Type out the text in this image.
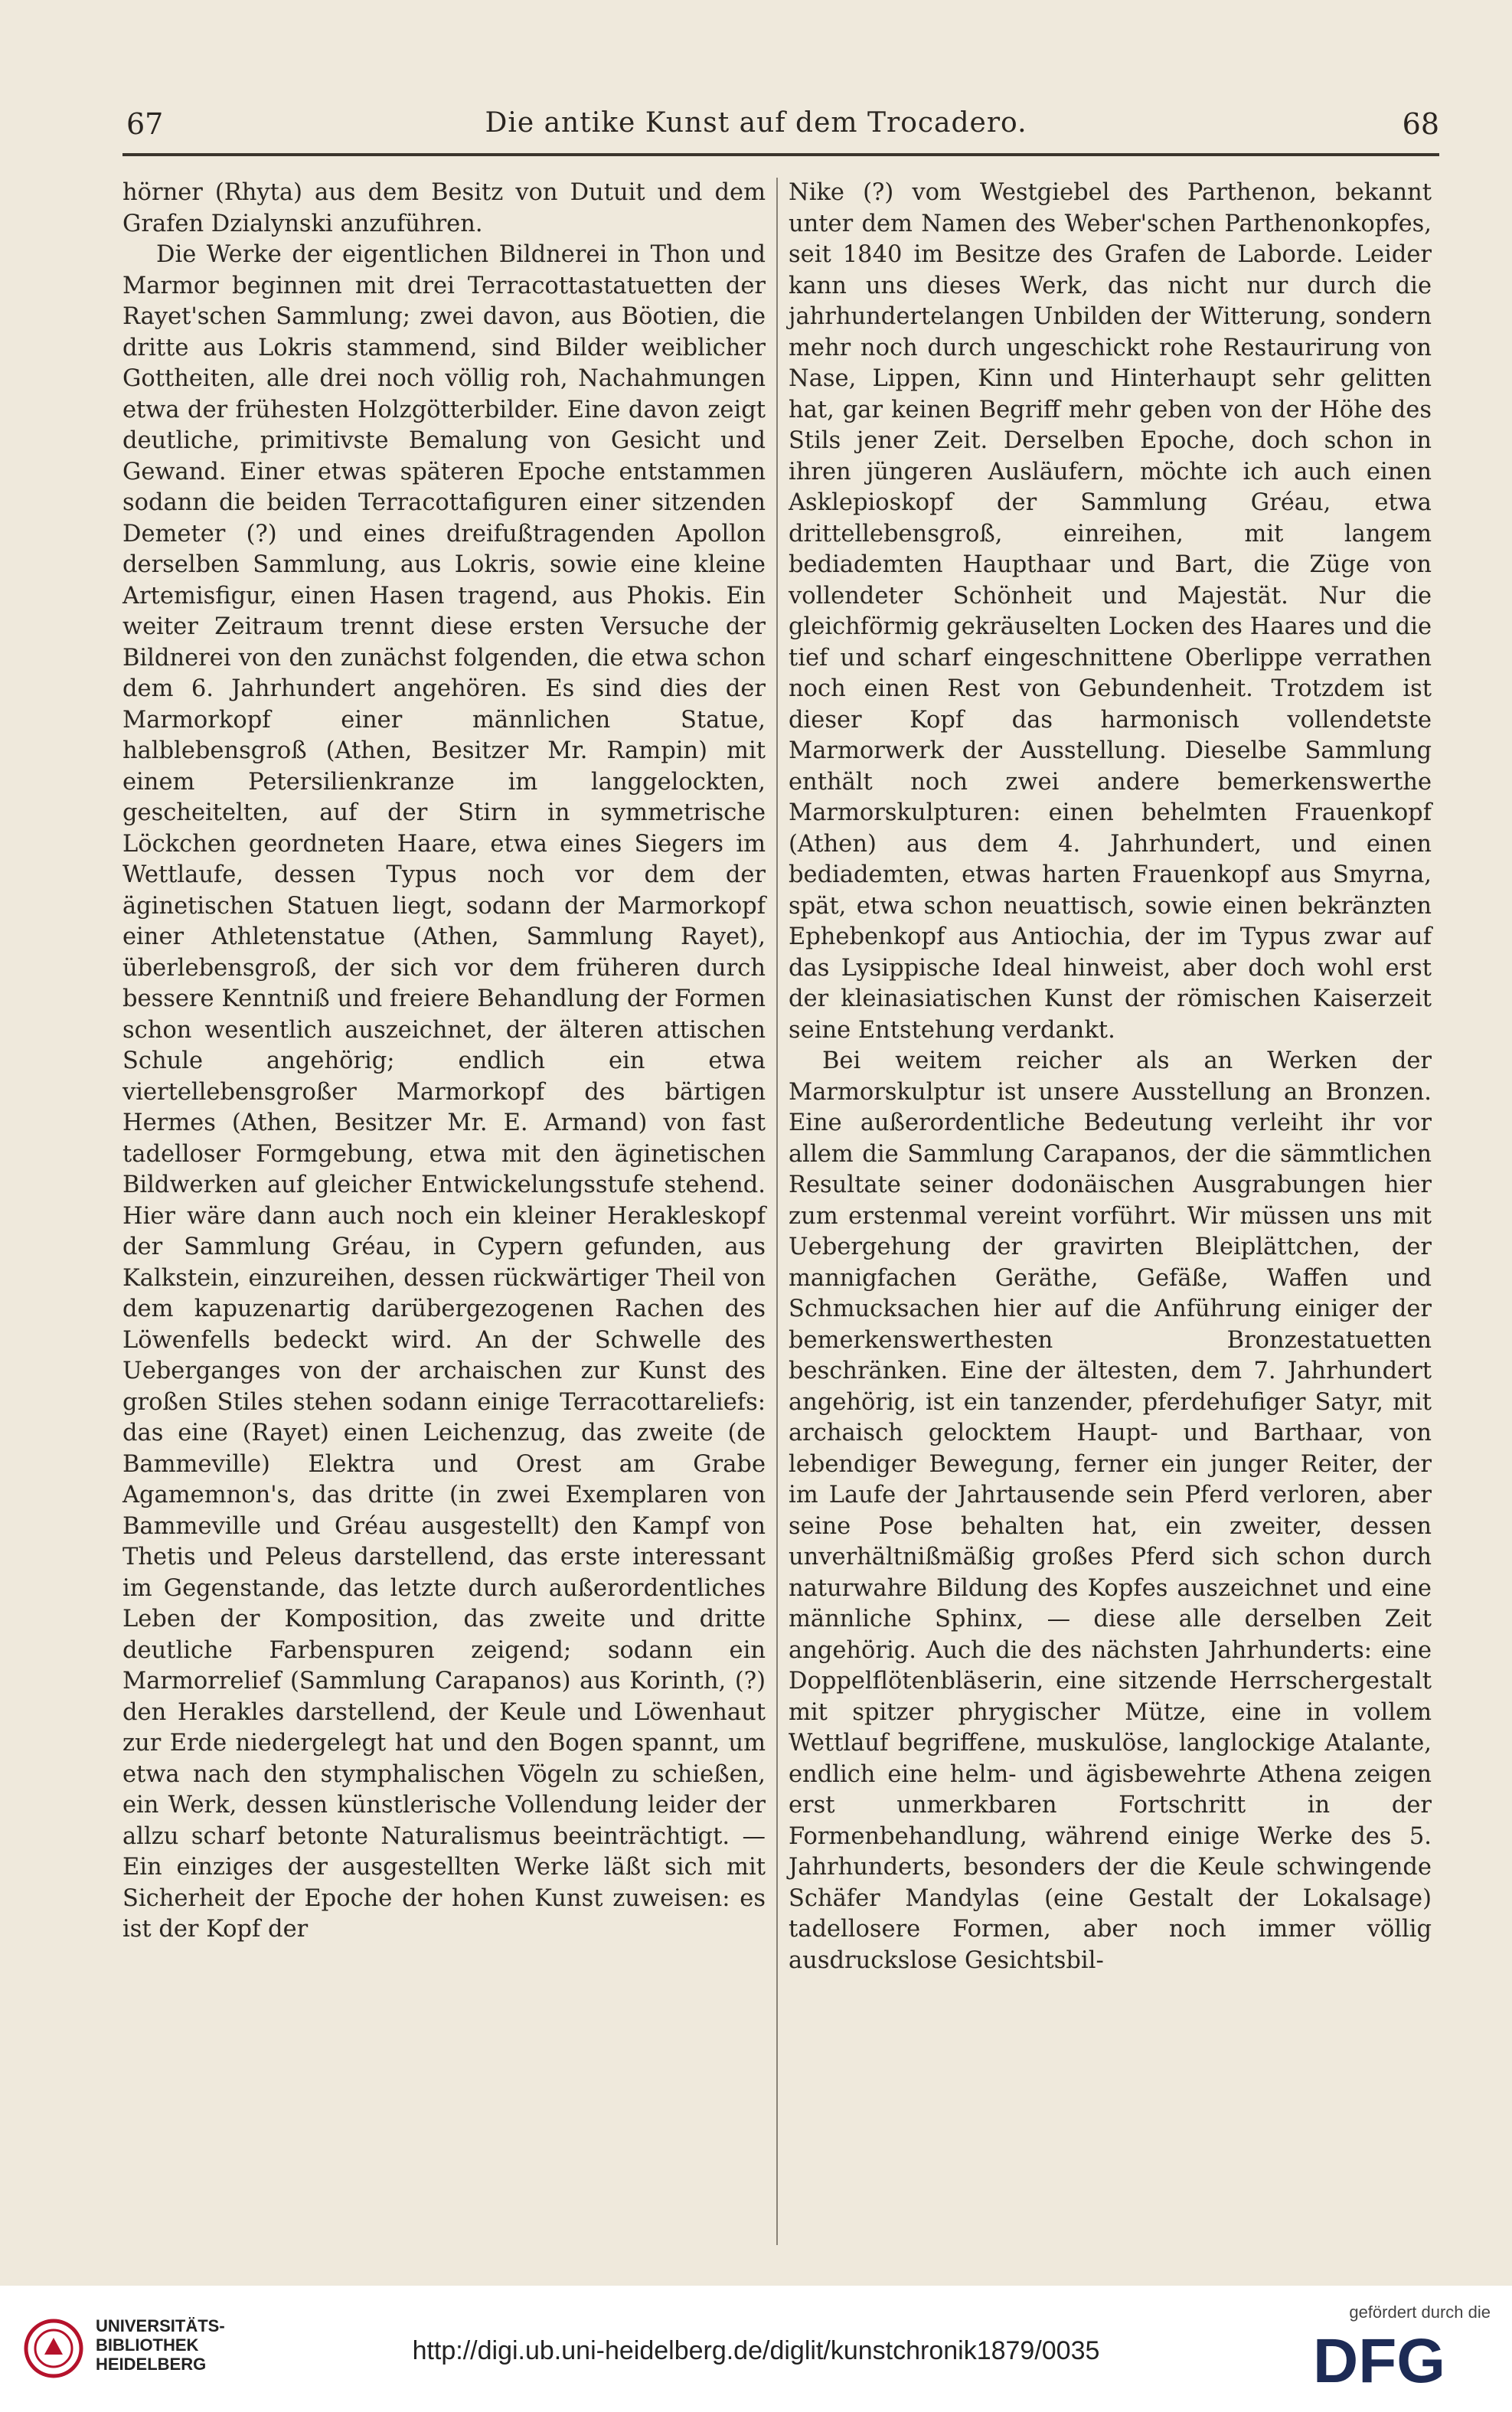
67	Die antike Kunst auf dem Trocadero.	68

hörner (Rhyta) aus dem Besitz von Dutuit und dem Grafen Dzialynski anzuführen.

Die Werke der eigentlichen Bildnerei in Thon und Marmor beginnen mit drei Terracottastatuetten der Rayet'schen Sammlung; zwei davon, aus Böotien, die dritte aus Lokris stammend, sind Bilder weiblicher Gottheiten, alle drei noch völlig roh, Nachahmungen etwa der frühesten Holzgötterbilder. Eine davon zeigt deutliche, primitivste Bemalung von Gesicht und Gewand. Einer etwas späteren Epoche entstammen sodann die beiden Terracottafiguren einer sitzenden Demeter (?) und eines dreifußtragenden Apollon derselben Sammlung, aus Lokris, sowie eine kleine Artemisfigur, einen Hasen tragend, aus Phokis. Ein weiter Zeitraum trennt diese ersten Versuche der Bildnerei von den zunächst folgenden, die etwa schon dem 6. Jahrhundert angehören. Es sind dies der Marmorkopf einer männlichen Statue, halblebensgroß (Athen, Besitzer Mr. Rampin) mit einem Petersilienkranze im langgelockten, gescheitelten, auf der Stirn in symmetrische Löckchen geordneten Haare, etwa eines Siegers im Wettlaufe, dessen Typus noch vor dem der äginetischen Statuen liegt, sodann der Marmorkopf einer Athletenstatue (Athen, Sammlung Rayet), überlebensgroß, der sich vor dem früheren durch bessere Kenntniß und freiere Behandlung der Formen schon wesentlich auszeichnet, der älteren attischen Schule angehörig; endlich ein etwa viertellebensgroßer Marmorkopf des bärtigen Hermes (Athen, Besitzer Mr. E. Armand) von fast tadelloser Formgebung, etwa mit den äginetischen Bildwerken auf gleicher Entwickelungsstufe stehend. Hier wäre dann auch noch ein kleiner Herakleskopf der Sammlung Gréau, in Cypern gefunden, aus Kalkstein, einzureihen, dessen rückwärtiger Theil von dem kapuzenartig darübergezogenen Rachen des Löwenfells bedeckt wird. An der Schwelle des Ueberganges von der archaischen zur Kunst des großen Stiles stehen sodann einige Terracottareliefs: das eine (Rayet) einen Leichenzug, das zweite (de Bammeville) Elektra und Orest am Grabe Agamemnon's, das dritte (in zwei Exemplaren von Bammeville und Gréau ausgestellt) den Kampf von Thetis und Peleus darstellend, das erste interessant im Gegenstande, das letzte durch außerordentliches Leben der Komposition, das zweite und dritte deutliche Farbenspuren zeigend; sodann ein Marmorrelief (Sammlung Carapanos) aus Korinth, (?) den Herakles darstellend, der Keule und Löwenhaut zur Erde niedergelegt hat und den Bogen spannt, um etwa nach den stymphalischen Vögeln zu schießen, ein Werk, dessen künstlerische Vollendung leider der allzu scharf betonte Naturalismus beeinträchtigt. — Ein einziges der ausgestellten Werke läßt sich mit Sicherheit der Epoche der hohen Kunst zuweisen: es ist der Kopf der

Nike (?) vom Westgiebel des Parthenon, bekannt unter dem Namen des Weber'schen Parthenonkopfes, seit 1840 im Besitze des Grafen de Laborde. Leider kann uns dieses Werk, das nicht nur durch die jahrhundertelangen Unbilden der Witterung, sondern mehr noch durch ungeschickt rohe Restaurirung von Nase, Lippen, Kinn und Hinterhaupt sehr gelitten hat, gar keinen Begriff mehr geben von der Höhe des Stils jener Zeit. Derselben Epoche, doch schon in ihren jüngeren Ausläufern, möchte ich auch einen Asklepioskopf der Sammlung Gréau, etwa drittellebensgroß, einreihen, mit langem bediademten Haupthaar und Bart, die Züge von vollendeter Schönheit und Majestät. Nur die gleichförmig gekräuselten Locken des Haares und die tief und scharf eingeschnittene Oberlippe verrathen noch einen Rest von Gebundenheit. Trotzdem ist dieser Kopf das harmonisch vollendetste Marmorwerk der Ausstellung. Dieselbe Sammlung enthält noch zwei andere bemerkenswerthe Marmorskulpturen: einen behelmten Frauenkopf (Athen) aus dem 4. Jahrhundert, und einen bediademten, etwas harten Frauenkopf aus Smyrna, spät, etwa schon neuattisch, sowie einen bekränzten Ephebenkopf aus Antiochia, der im Typus zwar auf das Lysippische Ideal hinweist, aber doch wohl erst der kleinasiatischen Kunst der römischen Kaiserzeit seine Entstehung verdankt.

Bei weitem reicher als an Werken der Marmorskulptur ist unsere Ausstellung an Bronzen. Eine außerordentliche Bedeutung verleiht ihr vor allem die Sammlung Carapanos, der die sämmtlichen Resultate seiner dodonäischen Ausgrabungen hier zum erstenmal vereint vorführt. Wir müssen uns mit Uebergehung der gravirten Bleiplättchen, der mannigfachen Geräthe, Gefäße, Waffen und Schmucksachen hier auf die Anführung einiger der bemerkenswerthesten Bronzestatuetten beschränken. Eine der ältesten, dem 7. Jahrhundert angehörig, ist ein tanzender, pferdehufiger Satyr, mit archaisch gelocktem Haupt- und Barthaar, von lebendiger Bewegung, ferner ein junger Reiter, der im Laufe der Jahrtausende sein Pferd verloren, aber seine Pose behalten hat, ein zweiter, dessen unverhältnißmäßig großes Pferd sich schon durch naturwahre Bildung des Kopfes auszeichnet und eine männliche Sphinx, — diese alle derselben Zeit angehörig. Auch die des nächsten Jahrhunderts: eine Doppelflötenbläserin, eine sitzende Herrschergestalt mit spitzer phrygischer Mütze, eine in vollem Wettlauf begriffene, muskulöse, langlockige Atalante, endlich eine helm- und ägisbewehrte Athena zeigen erst unmerkbaren Fortschritt in der Formenbehandlung, während einige Werke des 5. Jahrhunderts, besonders der die Keule schwingende Schäfer Mandylas (eine Gestalt der Lokalsage) tadellosere Formen, aber noch immer völlig ausdruckslose Gesichtsbil-

UNIVERSITÄTS-
BIBLIOTHEK
HEIDELBERG	http://digi.ub.uni-heidelberg.de/diglit/kunstchronik1879/0035
gefördert durch die
DFG
